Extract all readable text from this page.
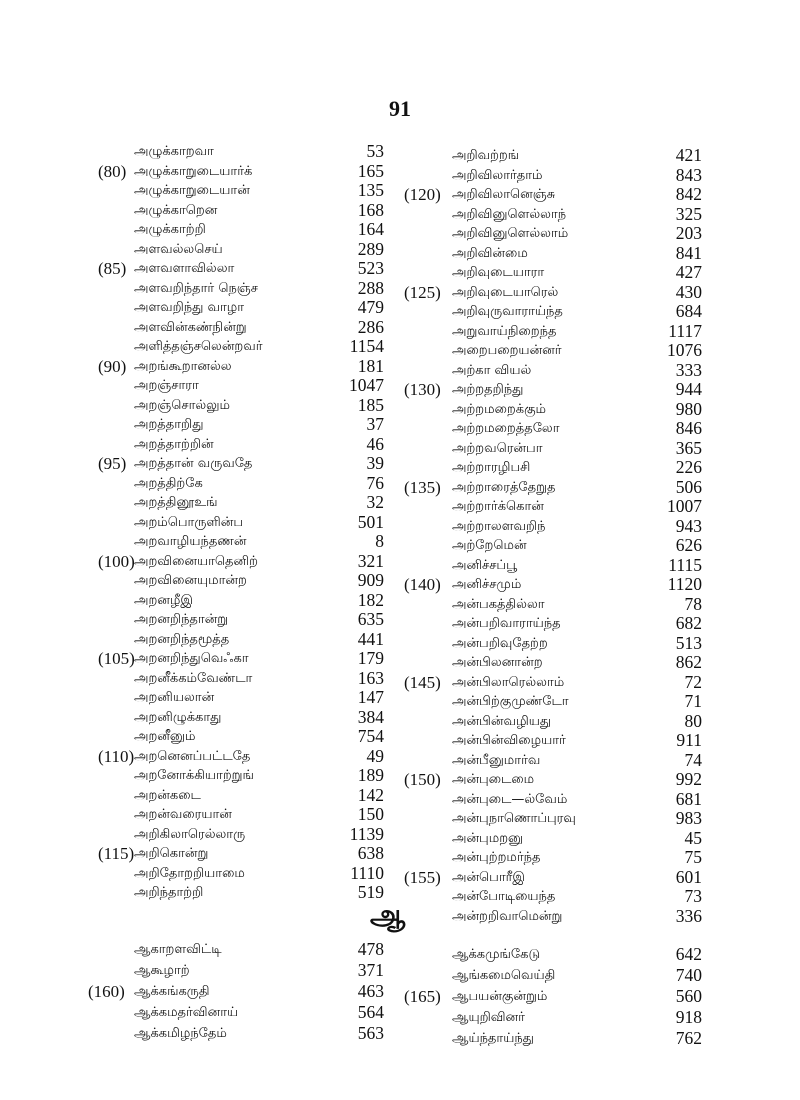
91
அழுக்காறவா	53
(80) அழுக்காறுடையார்க்	165
அழுக்காறுடையான்	135
அழுக்காறென	168
அழுக்காற்றி	164
அளவல்லசெய்	289
(85) அளவளாவில்லா	523
அளவறிந்தார் நெஞ்ச	288
அளவறிந்து வாழா	479
அளவின்கண்நின்று	286
அளித்தஞ்சலென்றவர்	1154
(90) அறங்கூறானல்ல	181
அறஞ்சாரா	1047
அறஞ்சொல்லும்	185
அறத்தாறிது	37
அறத்தாற்றின்	46
(95) அறத்தான் வருவதே	39
அறத்திற்கே	76
அறத்தினூஉங்	32
அறம்பொருளின்ப	501
அறவாழியந்தணன்	8
(100) அறவினையாதெனிற்	321
அறவினையுமான்ற	909
அறனழீஇ	182
அறனறிந்தான்று	635
அறனறிந்தமூத்த	441
(105) அறனறிந்துவெஃகா	179
அறனீக்கம்வேண்டா	163
அறனியலான்	147
அறனிழுக்காது	384
அறனீனும்	754
(110) அறனெனப்பட்டதே	49
அறனோக்கியாற்றுங்	189
அறன்கடை	142
அறன்வரையான்	150
அறிகிலாரெல்லாரு	1139
(115) அறிகொன்று	638
அறிதோறறியாமை	1110
அறிந்தாற்றி	519
அறிவற்றங்	421
அறிவிலார்தாம்	843
(120) அறிவிலானெஞ்சு	842
அறிவினுளெல்லாந்	325
அறிவினுளெல்லாம்	203
அறிவின்மை	841
அறிவுடையாரா	427
(125) அறிவுடையாரெல்	430
அறிவுருவாராய்ந்த	684
அறுவாய்நிறைந்த	1117
அறைபறையன்னர்	1076
அற்கா வியல்	333
(130) அற்றதறிந்து	944
அற்றமறைக்கும்	980
அற்றமறைத்தலோ	846
அற்றவரென்பா	365
அற்றாரழிபசி	226
(135) அற்றாரைத்தேறுத	506
அற்றார்க்கொன்	1007
அற்றாலளவறிந்	943
அற்றேமென்	626
அனிச்சப்பூ	1115
(140) அனிச்சமும்	1120
அன்பகத்தில்லா	78
அன்பறிவாராய்ந்த	682
அன்பறிவுதேற்ற	513
அன்பிலனான்ற	862
(145) அன்பிலாரெல்லாம்	72
அன்பிற்குமுண்டோ	71
அன்பின்வழியது	80
அன்பின்விழையார்	911
அன்பீனுமார்வ	74
(150) அன்புடைமை	992
அன்புடை—ல்வேம்	681
அன்புநாணொப்புரவு	983
அன்புமறனு	45
அன்புற்றமர்ந்த	75
(155) அன்பொரீஇ	601
அன்போடியைந்த	73
அன்றறிவாமென்று	336
ஆ
ஆகாறளவிட்டி	478
ஆகூழாற்	371
(160) ஆக்கங்கருதி	463
ஆக்கமதர்வினாய்	564
ஆக்கமிழந்தேம்	563
ஆக்கமுங்கேடு	642
ஆங்கமைவெய்தி	740
(165) ஆபயன்குன்றும்	560
ஆயுறிவினர்	918
ஆய்ந்தாய்ந்து	762
